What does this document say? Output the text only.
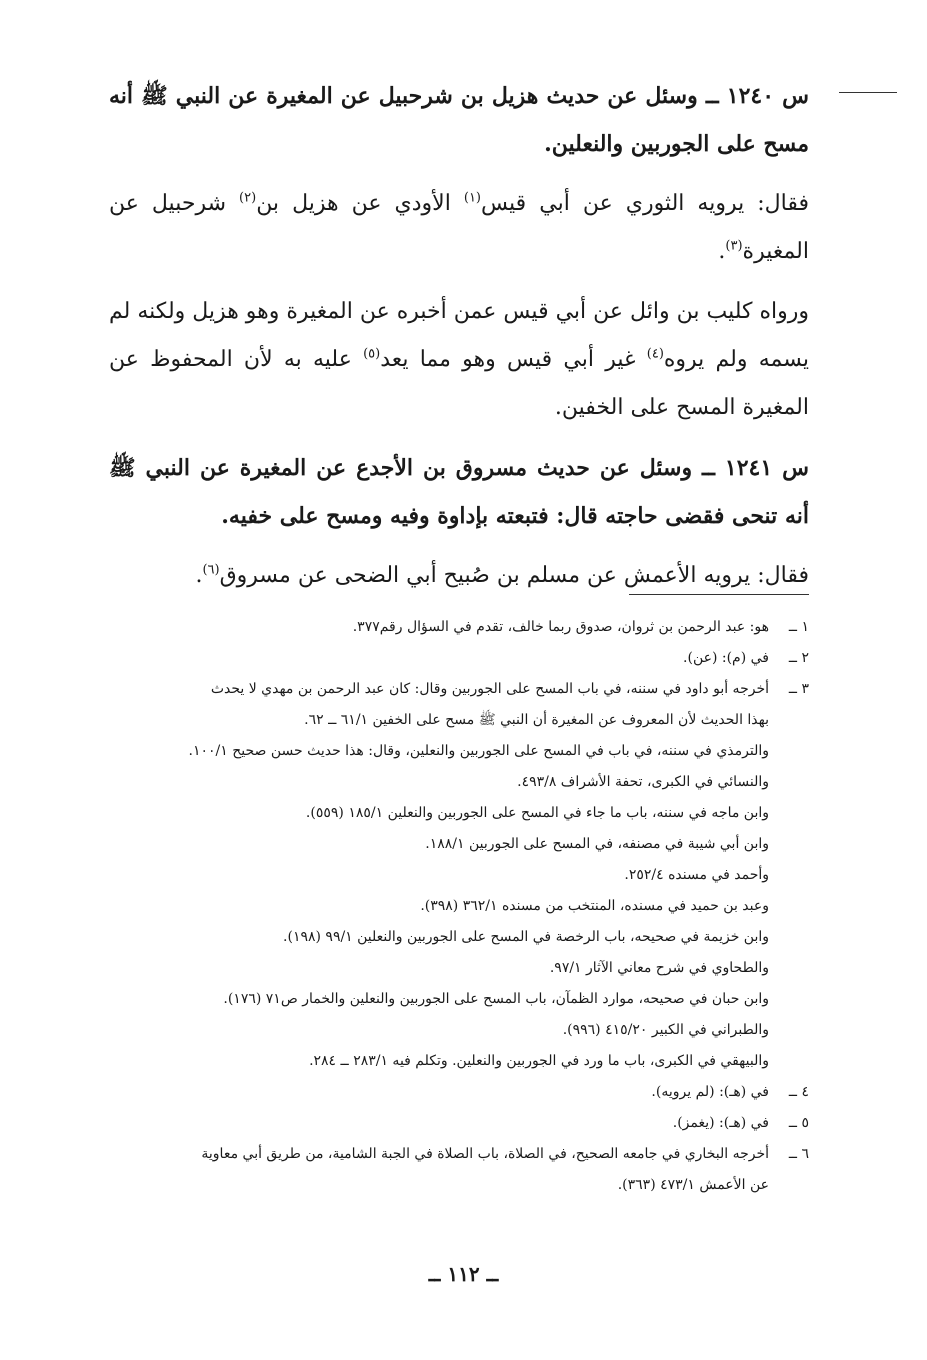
س ١٢٤٠ ــ وسئل عن حديث هزيل بن شرحبيل عن المغيرة عن النبي ﷺ أنه مسح على الجوربين والنعلين.

فقال: يرويه الثوري عن أبي قيس$^{(١)}$ الأودي عن هزيل بن$^{(٢)}$ شرحبيل عن المغيرة$^{(٣)}$.

ورواه كليب بن وائل عن أبي قيس عمن أخبره عن المغيرة وهو هزيل ولكنه لم يسمه ولم يروه$^{(٤)}$ غير أبي قيس وهو مما يعد$^{(٥)}$ عليه به لأن المحفوظ عن المغيرة المسح على الخفين.

س ١٢٤١ ــ وسئل عن حديث مسروق بن الأجدع عن المغيرة عن النبي ﷺ أنه تنحى فقضى حاجته قال: فتبعته بإداوة وفيه ومسح على خفيه.

فقال: يرويه الأعمش عن مسلم بن صُبيح أبي الضحى عن مسروق$^{(٦)}$.

١ ــ
هو: عبد الرحمن بن ثروان، صدوق ربما خالف، تقدم في السؤال رقم٣٧٧.
٢ ــ
في (م): (عن).
٣ ــ
أخرجه أبو داود في سننه، في باب المسح على الجوربين وقال: كان عبد الرحمن بن مهدي لا يحدث
بهذا الحديث لأن المعروف عن المغيرة أن النبي ﷺ مسح على الخفين ٦١/١ ــ ٦٢.
والترمذي في سننه، في باب في المسح على الجوربين والنعلين، وقال: هذا حديث حسن صحيح ١٠٠/١.
والنسائي في الكبرى، تحفة الأشراف ٤٩٣/٨.
وابن ماجه في سننه، باب ما جاء في المسح على الجوربين والنعلين ١٨٥/١ (٥٥٩).
وابن أبي شيبة في مصنفه، في المسح على الجوربين ١٨٨/١.
وأحمد في مسنده ٢٥٢/٤.
وعبد بن حميد في مسنده، المنتخب من مسنده ٣٦٢/١ (٣٩٨).
وابن خزيمة في صحيحه، باب الرخصة في المسح على الجوربين والنعلين ٩٩/١ (١٩٨).
والطحاوي في شرح معاني الآثار ٩٧/١.
وابن حبان في صحيحه، موارد الظمآن، باب المسح على الجوربين والنعلين والخمار ص٧١ (١٧٦).
والطبراني في الكبير ٤١٥/٢٠ (٩٩٦).
والبيهقي في الكبرى، باب ما ورد في الجوربين والنعلين. وتكلم فيه ٢٨٣/١ ــ ٢٨٤.
٤ ــ
في (هـ): (لم يرويه).
٥ ــ
في (هـ): (يغمز).
٦ ــ
أخرجه البخاري في جامعه الصحيح، في الصلاة، باب الصلاة في الجبة الشامية، من طريق أبي معاوية
عن الأعمش ٤٧٣/١ (٣٦٣).
ــ ١١٢ ــ
